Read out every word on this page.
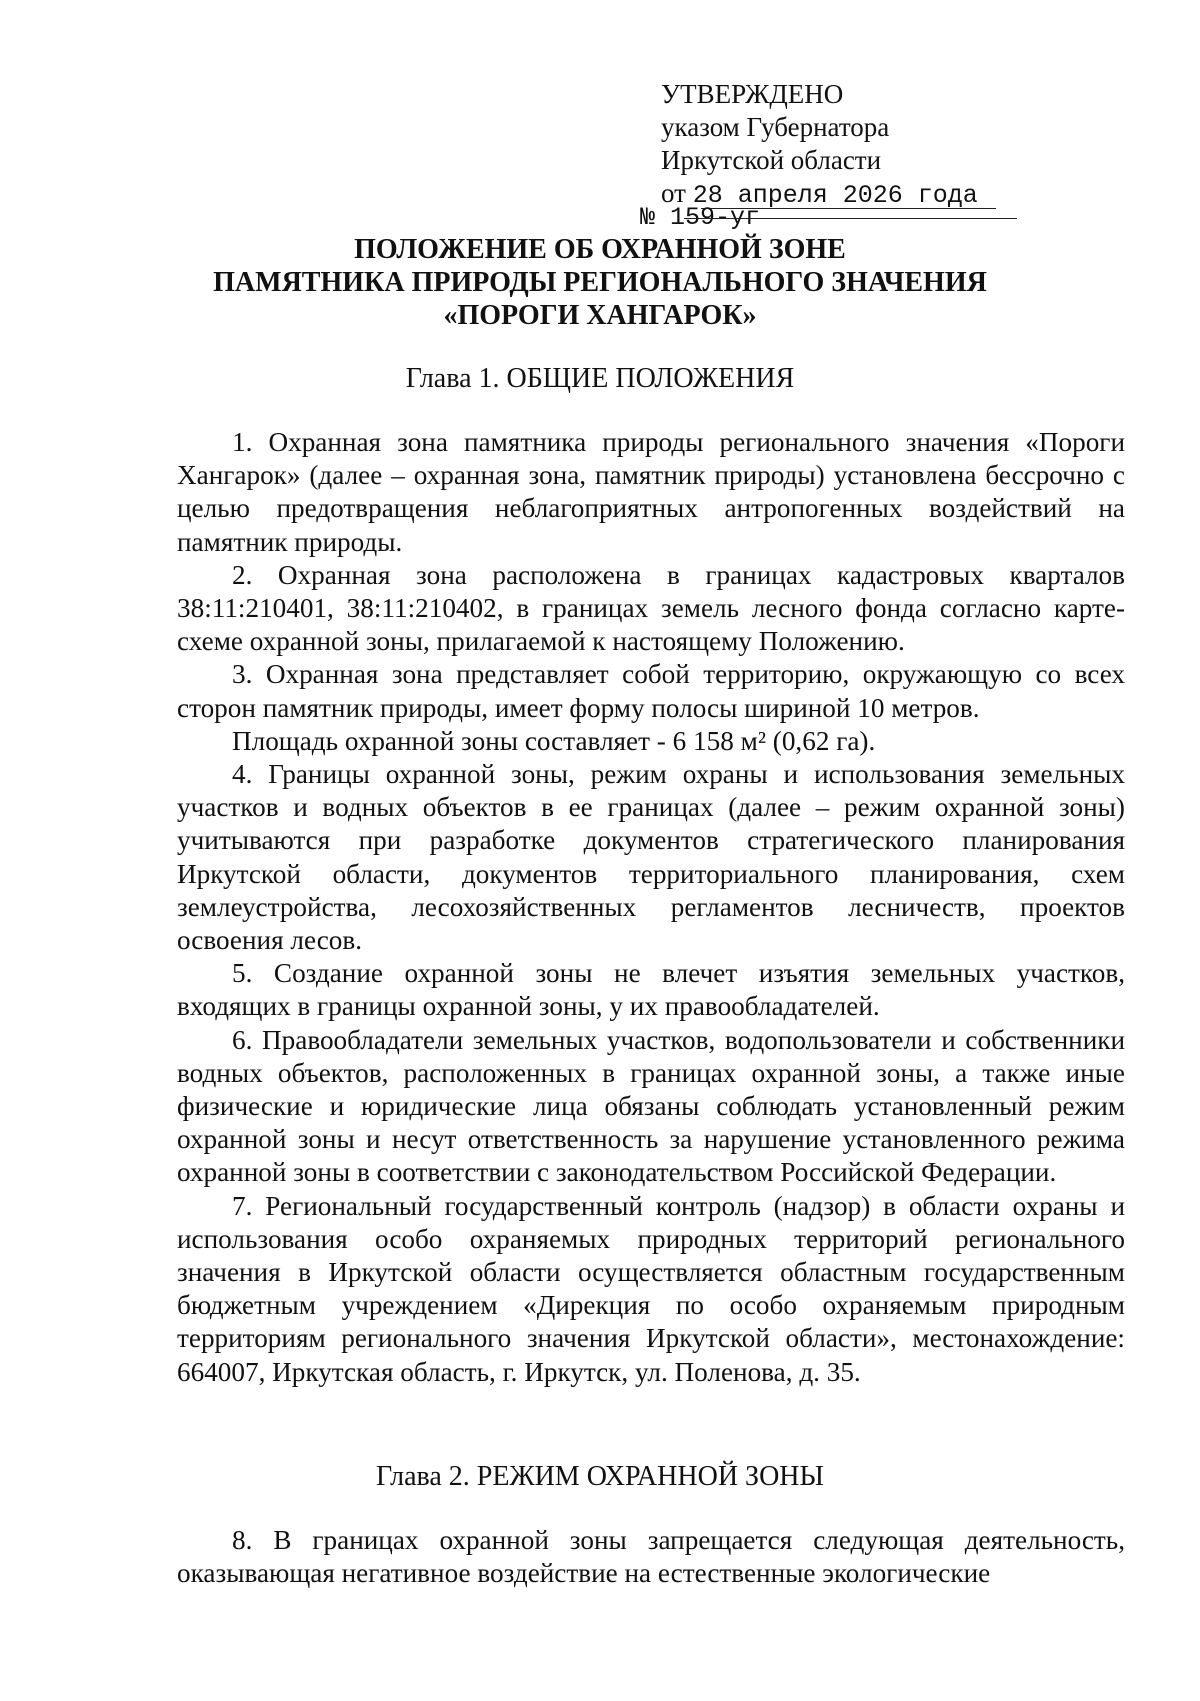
УТВЕРЖДЕНО
указом Губернатора
Иркутской области
от 28 апреля 2026 года
№ 159-уг
ПОЛОЖЕНИЕ ОБ ОХРАННОЙ ЗОНЕ
ПАМЯТНИКА ПРИРОДЫ РЕГИОНАЛЬНОГО ЗНАЧЕНИЯ
«ПОРОГИ ХАНГАРОК»
Глава 1. ОБЩИЕ ПОЛОЖЕНИЯ

1. Охранная зона памятника природы регионального значения «Пороги Хангарок» (далее – охранная зона, памятник природы) установлена бессрочно с целью предотвращения неблагоприятных антропогенных воздействий на памятник природы.

2. Охранная зона расположена в границах кадастровых кварталов 38:11:210401, 38:11:210402, в границах земель лесного фонда согласно карте-схеме охранной зоны, прилагаемой к настоящему Положению.

3. Охранная зона представляет собой территорию, окружающую со всех сторон памятник природы, имеет форму полосы шириной 10 метров.

Площадь охранной зоны составляет - 6 158 м² (0,62 га).

4. Границы охранной зоны, режим охраны и использования земельных участков и водных объектов в ее границах (далее – режим охранной зоны) учитываются при разработке документов стратегического планирования Иркутской области, документов территориального планирования, схем землеустройства, лесохозяйственных регламентов лесничеств, проектов освоения лесов.

5. Создание охранной зоны не влечет изъятия земельных участков, входящих в границы охранной зоны, у их правообладателей.

6. Правообладатели земельных участков, водопользователи и собственники водных объектов, расположенных в границах охранной зоны, а также иные физические и юридические лица обязаны соблюдать установленный режим охранной зоны и несут ответственность за нарушение установленного режима охранной зоны в соответствии с законодательством Российской Федерации.

7. Региональный государственный контроль (надзор) в области охраны и использования особо охраняемых природных территорий регионального значения в Иркутской области осуществляется областным государственным бюджетным учреждением «Дирекция по особо охраняемым природным территориям регионального значения Иркутской области», местонахождение: 664007, Иркутская область, г. Иркутск, ул. Поленова, д. 35.

Глава 2. РЕЖИМ ОХРАННОЙ ЗОНЫ

8. В границах охранной зоны запрещается следующая деятельность, оказывающая негативное воздействие на естественные экологические
